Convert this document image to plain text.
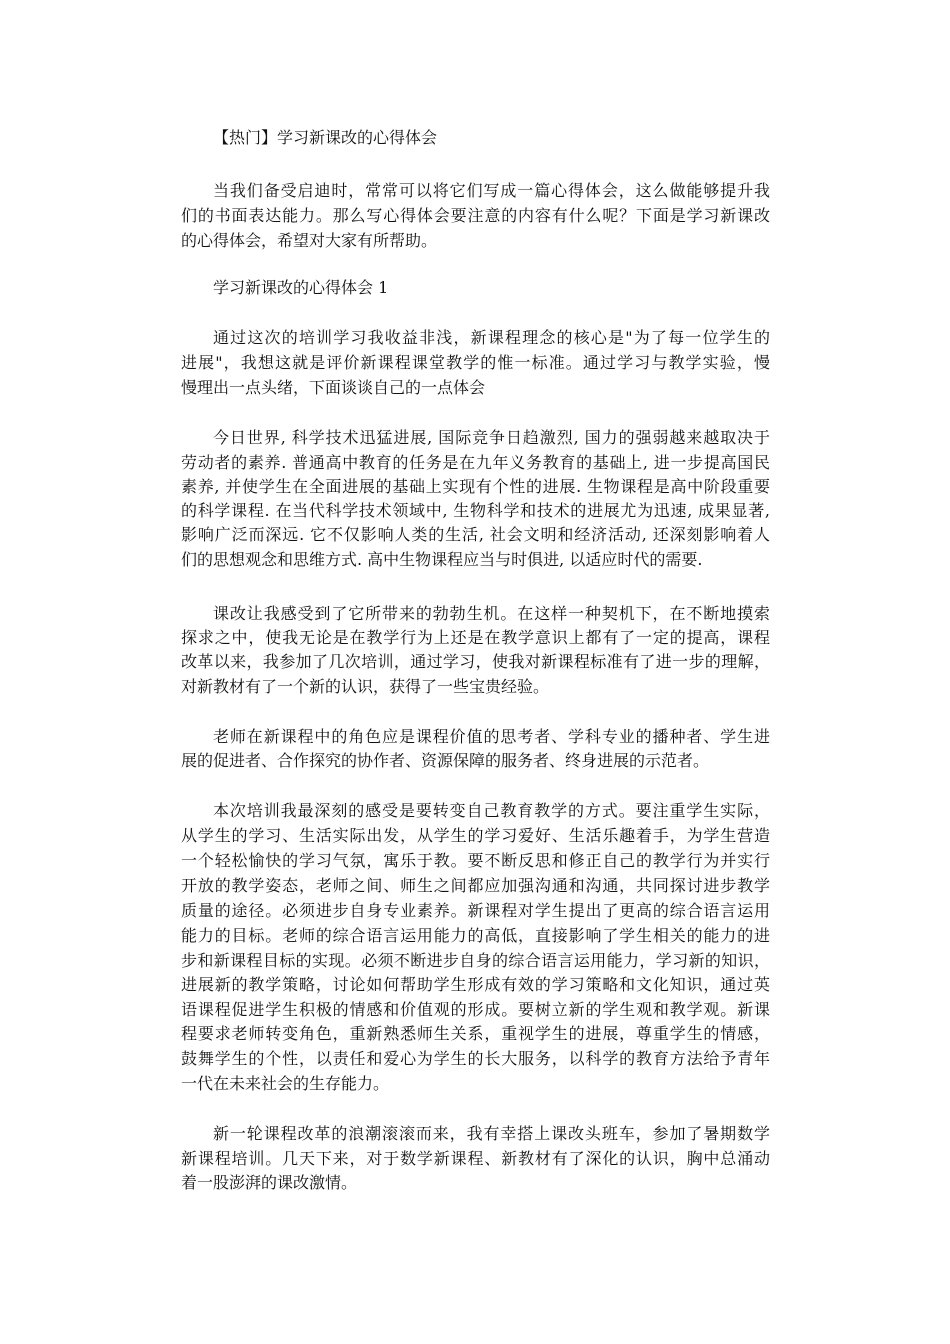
【热门】学习新课改的心得体会

当我们备受启迪时，常常可以将它们写成一篇心得体会，这么做能够提升我

们的书面表达能力。那么写心得体会要注意的内容有什么呢？下面是学习新课改

的心得体会，希望对大家有所帮助。

学习新课改的心得体会 1

通过这次的培训学习我收益非浅，新课程理念的核心是"为了每一位学生的

进展"，我想这就是评价新课程课堂教学的惟一标准。通过学习与教学实验，慢

慢理出一点头绪，下面谈谈自己的一点体会

今日世界, 科学技术迅猛进展, 国际竞争日趋激烈, 国力的强弱越来越取决于

劳动者的素养. 普通高中教育的任务是在九年义务教育的基础上, 进一步提高国民

素养, 并使学生在全面进展的基础上实现有个性的进展. 生物课程是高中阶段重要

的科学课程. 在当代科学技术领域中, 生物科学和技术的进展尤为迅速, 成果显著,

影响广泛而深远. 它不仅影响人类的生活, 社会文明和经济活动, 还深刻影响着人

们的思想观念和思维方式. 高中生物课程应当与时俱进, 以适应时代的需要.

课改让我感受到了它所带来的勃勃生机。在这样一种契机下，在不断地摸索

探求之中，使我无论是在教学行为上还是在教学意识上都有了一定的提高，课程

改革以来，我参加了几次培训，通过学习，使我对新课程标准有了进一步的理解，

对新教材有了一个新的认识，获得了一些宝贵经验。

老师在新课程中的角色应是课程价值的思考者、学科专业的播种者、学生进

展的促进者、合作探究的协作者、资源保障的服务者、终身进展的示范者。

本次培训我最深刻的感受是要转变自己教育教学的方式。要注重学生实际，

从学生的学习、生活实际出发，从学生的学习爱好、生活乐趣着手，为学生营造

一个轻松愉快的学习气氛，寓乐于教。要不断反思和修正自己的教学行为并实行

开放的教学姿态，老师之间、师生之间都应加强沟通和沟通，共同探讨进步教学

质量的途径。必须进步自身专业素养。新课程对学生提出了更高的综合语言运用

能力的目标。老师的综合语言运用能力的高低，直接影响了学生相关的能力的进

步和新课程目标的实现。必须不断进步自身的综合语言运用能力，学习新的知识，

进展新的教学策略，讨论如何帮助学生形成有效的学习策略和文化知识，通过英

语课程促进学生积极的情感和价值观的形成。要树立新的学生观和教学观。新课

程要求老师转变角色，重新熟悉师生关系，重视学生的进展，尊重学生的情感，

鼓舞学生的个性，以责任和爱心为学生的长大服务，以科学的教育方法给予青年

一代在未来社会的生存能力。

新一轮课程改革的浪潮滚滚而来，我有幸搭上课改头班车，参加了暑期数学

新课程培训。几天下来，对于数学新课程、新教材有了深化的认识，胸中总涌动

着一股澎湃的课改激情。
